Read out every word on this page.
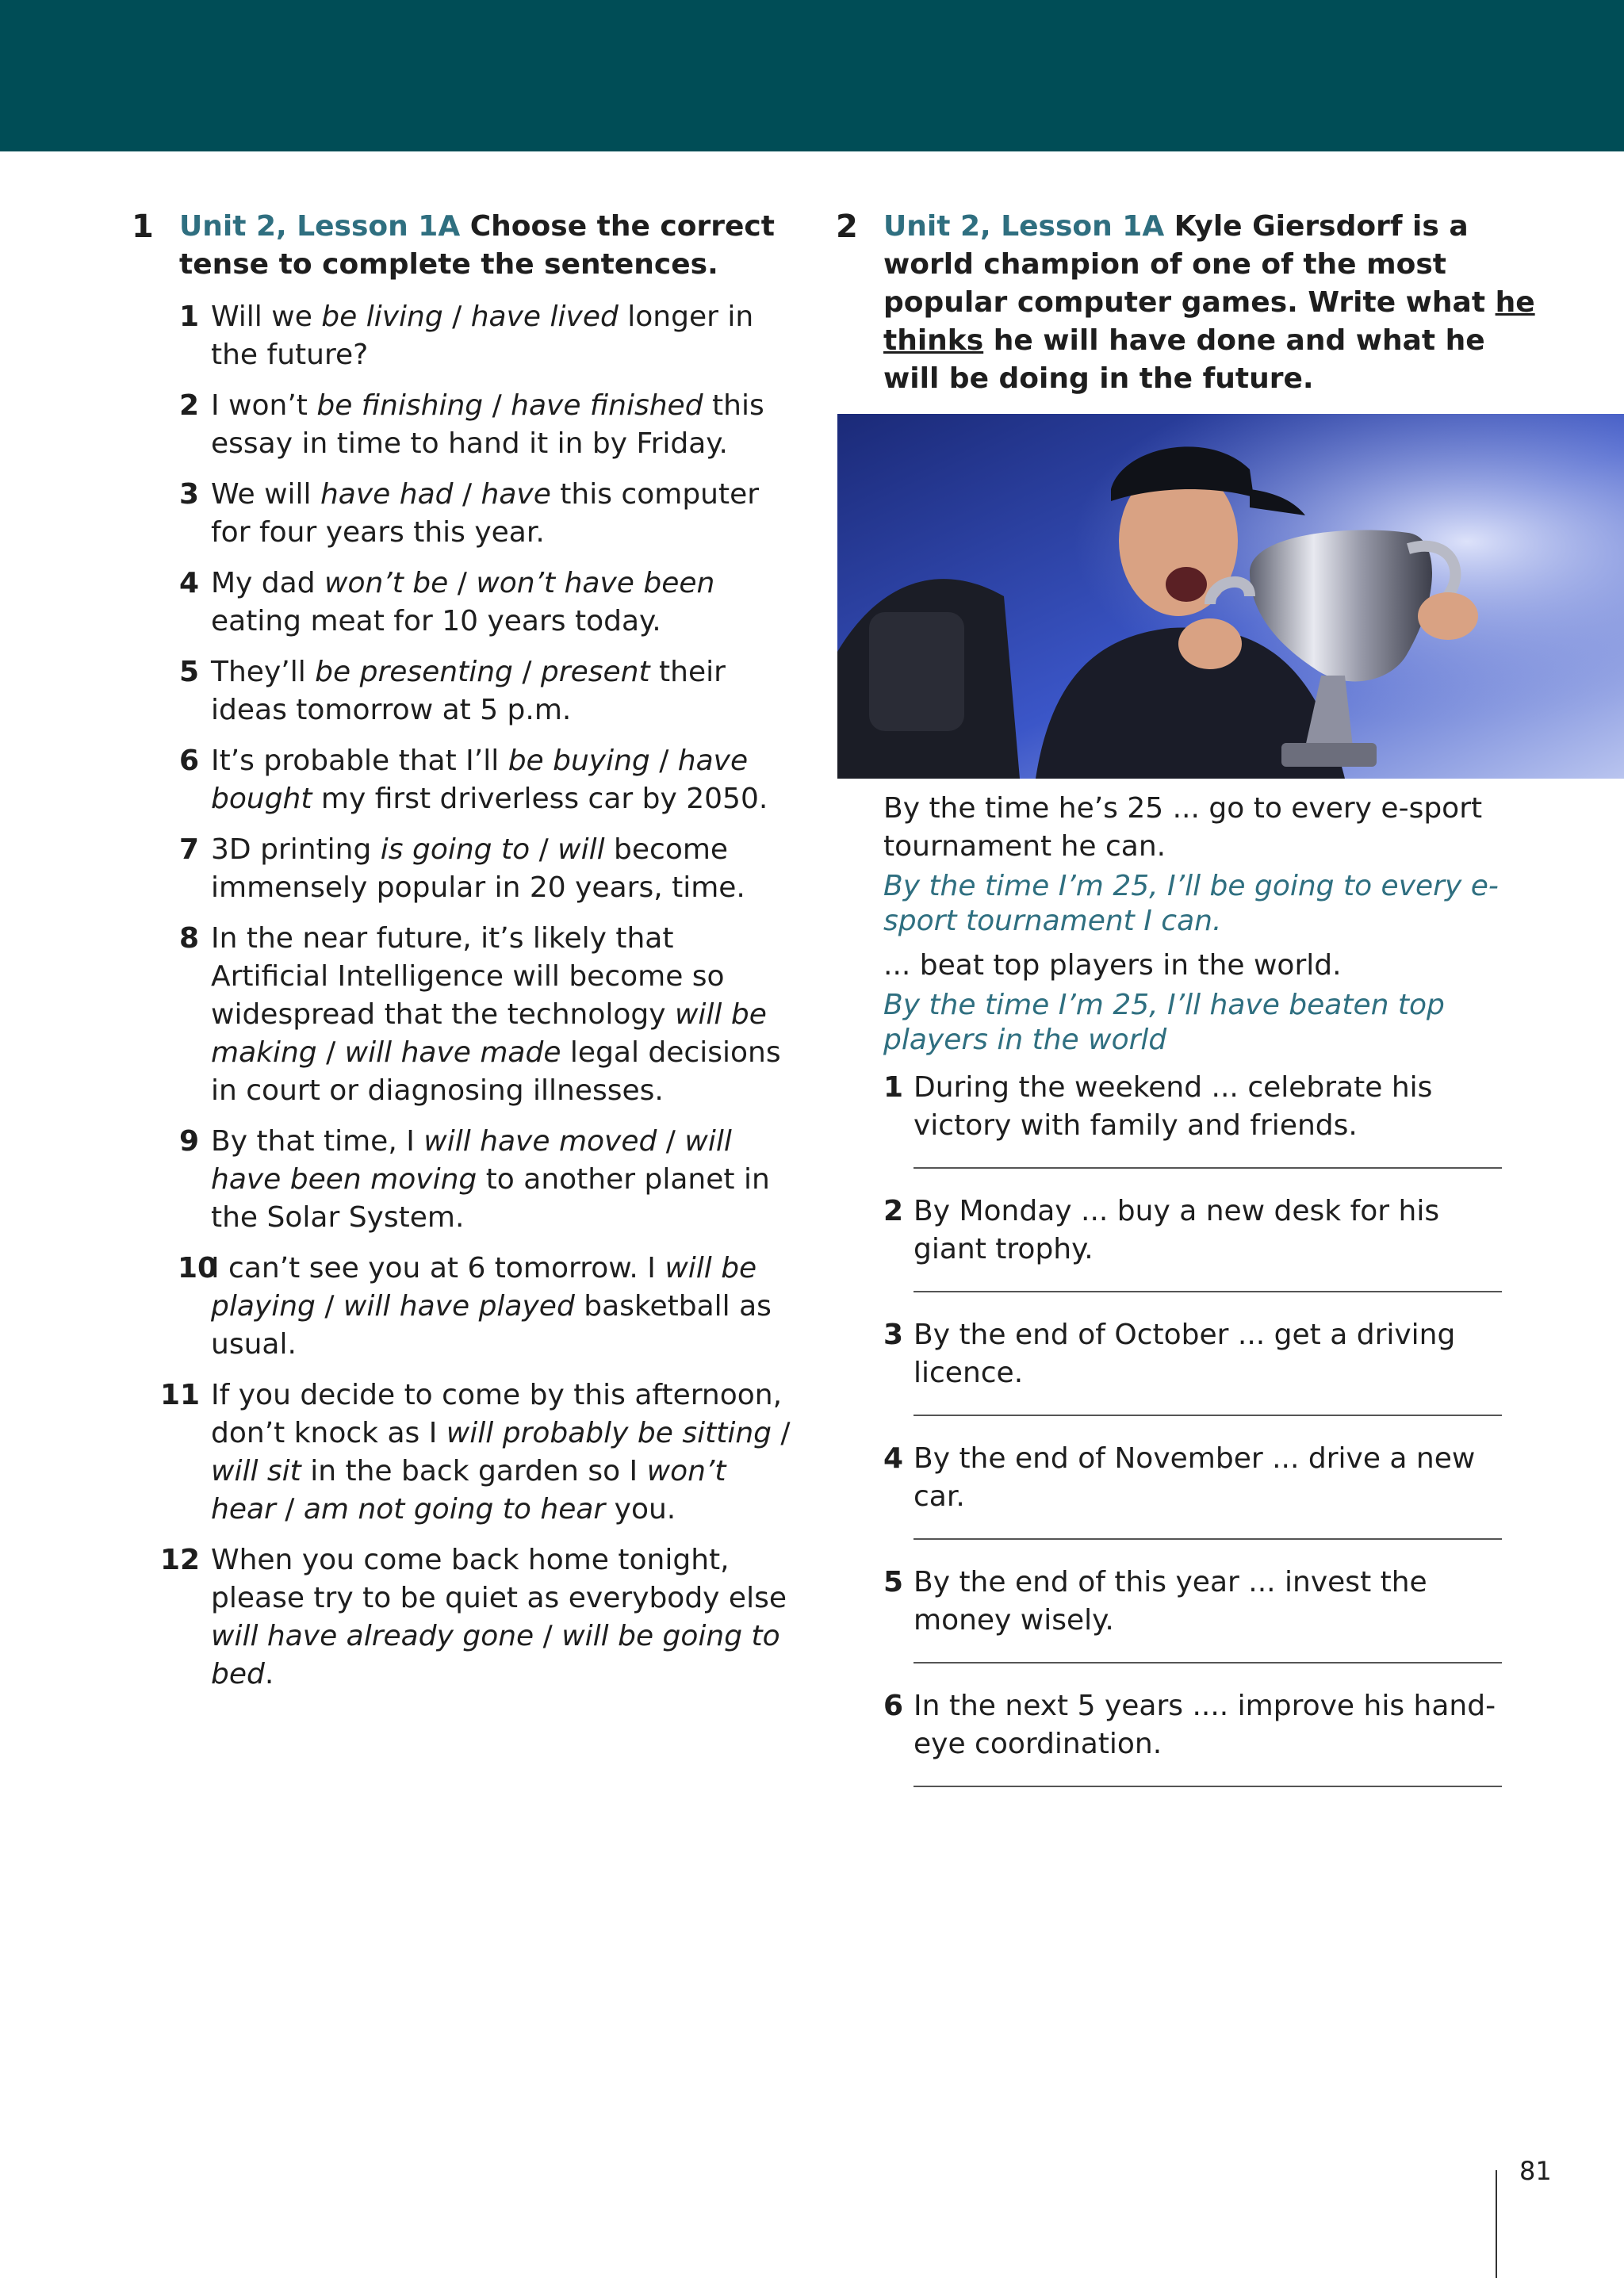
1 Unit 2, Lesson 1A Choose the correct tense to complete the sentences.
1 Will we be living / have lived longer in the future?
2 I won’t be finishing / have finished this essay in time to hand it in by Friday.
3 We will have had / have this computer for four years this year.
4 My dad won’t be / won’t have been eating meat for 10 years today.
5 They’ll be presenting / present their ideas tomorrow at 5 p.m.
6 It’s probable that I’ll be buying / have bought my first driverless car by 2050.
7 3D printing is going to / will become immensely popular in 20 years, time.
8 In the near future, it’s likely that Artificial Intelligence will become so widespread that the technology will be making / will have made legal decisions in court or diagnosing illnesses.
9 By that time, I will have moved / will have been moving to another planet in the Solar System.
10
I can’t see you at 6 tomorrow. I will be playing / will have played basketball as usual.
11 If you decide to come by this afternoon, don’t knock as I will probably be sitting / will sit in the back garden so I won’t hear / am not going to hear you.
12 When you come back home tonight, please try to be quiet as everybody else will have already gone / will be going to bed.
2 Unit 2, Lesson 1A Kyle Giersdorf is a world champion of one of the most popular computer games. Write what he thinks he will have done and what he will be doing in the future.

By the time he’s 25 ... go to every e-sport tournament he can.

By the time I’m 25, I’ll be going to every e-sport tournament I can.

... beat top players in the world.

By the time I’m 25, I’ll have beaten top players in the world

1 During the weekend ... celebrate his victory with family and friends.
2 By Monday ... buy a new desk for his giant trophy.
3 By the end of October ... get a driving licence.
4 By the end of November ... drive a new car.
5 By the end of this year ... invest the money wisely.
6 In the next 5 years .... improve his hand-eye coordination.
81
